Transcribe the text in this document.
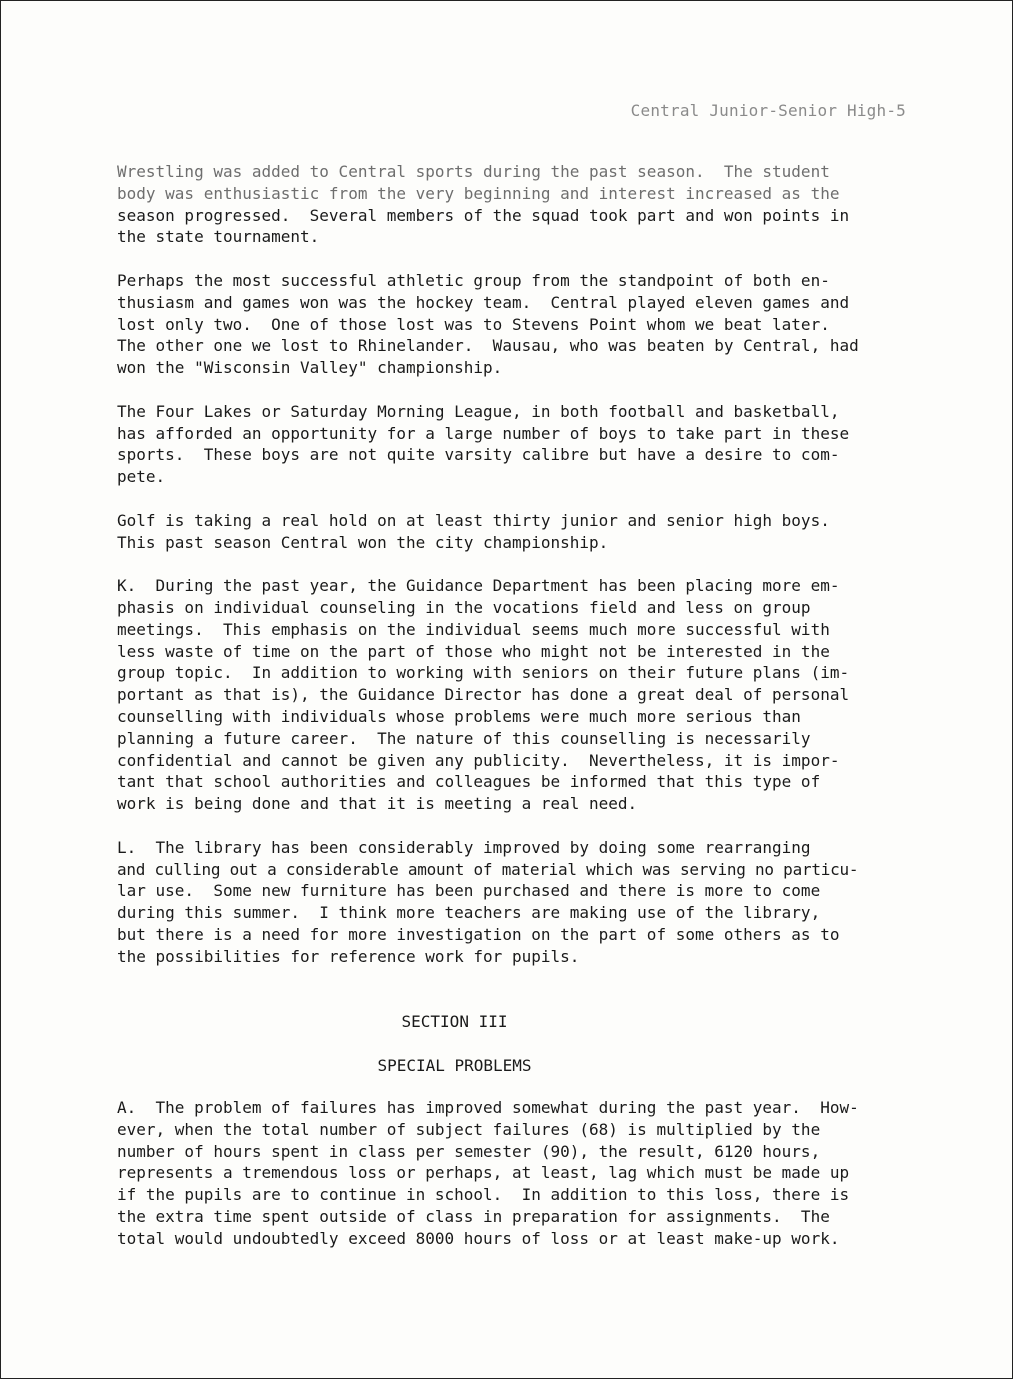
Central Junior-Senior High-5
Wrestling was added to Central sports during the past season.  The student
body was enthusiastic from the very beginning and interest increased as the
season progressed.  Several members of the squad took part and won points in
the state tournament.
Perhaps the most successful athletic group from the standpoint of both en-
thusiasm and games won was the hockey team.  Central played eleven games and
lost only two.  One of those lost was to Stevens Point whom we beat later.
The other one we lost to Rhinelander.  Wausau, who was beaten by Central, had
won the "Wisconsin Valley" championship.
The Four Lakes or Saturday Morning League, in both football and basketball,
has afforded an opportunity for a large number of boys to take part in these
sports.  These boys are not quite varsity calibre but have a desire to com-
pete.
Golf is taking a real hold on at least thirty junior and senior high boys.
This past season Central won the city championship.
K.  During the past year, the Guidance Department has been placing more em-
phasis on individual counseling in the vocations field and less on group
meetings.  This emphasis on the individual seems much more successful with
less waste of time on the part of those who might not be interested in the
group topic.  In addition to working with seniors on their future plans (im-
portant as that is), the Guidance Director has done a great deal of personal
counselling with individuals whose problems were much more serious than
planning a future career.  The nature of this counselling is necessarily
confidential and cannot be given any publicity.  Nevertheless, it is impor-
tant that school authorities and colleagues be informed that this type of
work is being done and that it is meeting a real need.
L.  The library has been considerably improved by doing some rearranging
and culling out a considerable amount of material which was serving no particu-
lar use.  Some new furniture has been purchased and there is more to come
during this summer.  I think more teachers are making use of the library,
but there is a need for more investigation on the part of some others as to
the possibilities for reference work for pupils.
SECTION III
SPECIAL PROBLEMS
A.  The problem of failures has improved somewhat during the past year.  How-
ever, when the total number of subject failures (68) is multiplied by the
number of hours spent in class per semester (90), the result, 6120 hours,
represents a tremendous loss or perhaps, at least, lag which must be made up
if the pupils are to continue in school.  In addition to this loss, there is
the extra time spent outside of class in preparation for assignments.  The
total would undoubtedly exceed 8000 hours of loss or at least make-up work.
